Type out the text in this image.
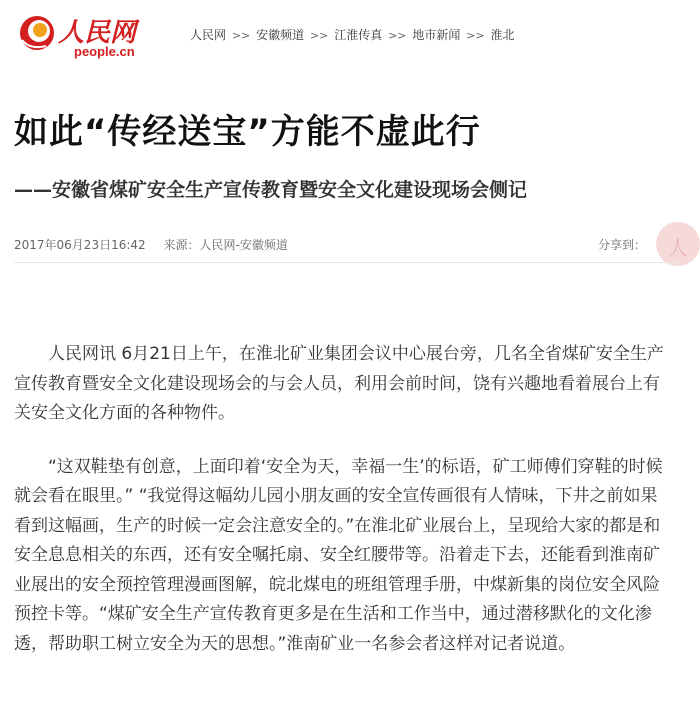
人民网
people.cn
人民网 >> 安徽频道 >> 江淮传真 >> 地市新闻 >> 淮北
如此“传经送宝”方能不虚此行
——安徽省煤矿安全生产宣传教育暨安全文化建设现场会侧记
2017年06月23日16:42 来源：人民网-安徽频道	分享到： 人

人民网讯 6月21日上午，在淮北矿业集团会议中心展台旁，几名全省煤矿安全生产宣传教育暨安全文化建设现场会的与会人员，利用会前时间，饶有兴趣地看着展台上有关安全文化方面的各种物件。

“这双鞋垫有创意，上面印着‘安全为天，幸福一生’的标语，矿工师傅们穿鞋的时候就会看在眼里。” “我觉得这幅幼儿园小朋友画的安全宣传画很有人情味，下井之前如果看到这幅画，生产的时候一定会注意安全的。”在淮北矿业展台上，呈现给大家的都是和安全息息相关的东西，还有安全嘱托扇、安全红腰带等。沿着走下去，还能看到淮南矿业展出的安全预控管理漫画图解，皖北煤电的班组管理手册，中煤新集的岗位安全风险预控卡等。“煤矿安全生产宣传教育更多是在生活和工作当中，通过潜移默化的文化渗透，帮助职工树立安全为天的思想。”淮南矿业一名参会者这样对记者说道。
